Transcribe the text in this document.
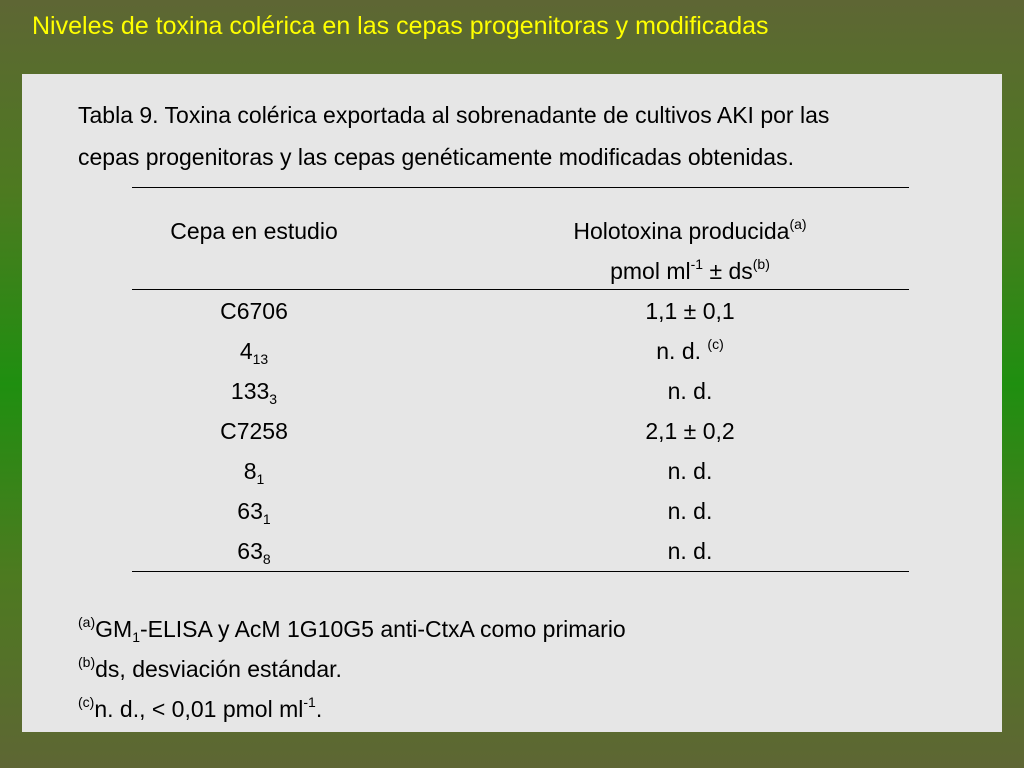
Niveles de toxina colérica en las cepas progenitoras y modificadas
Tabla 9. Toxina colérica exportada al sobrenadante de cultivos AKI por las
cepas progenitoras y las cepas genéticamente modificadas obtenidas.
Cepa en estudio	Holotoxina producida$^{(a)}$
pmol $ml^{-1} \pm ds^{(b)}$
C6706	1,1 ± 0,1
$4_{13}$	n. d. $^{(c)}$
$133_3$	n. d.
C7258	2,1 ± 0,2
$8_1$	n. d.
$63_1$	n. d.
$63_8$	n. d.
$^{(a)}GM_1$-ELISA y AcM 1G10G5 anti-CtxA como primario
$^{(b)}$ds, desviación estándar.
$^{(c)}$n. d., < 0,01 pmol $ml^{-1}$.
